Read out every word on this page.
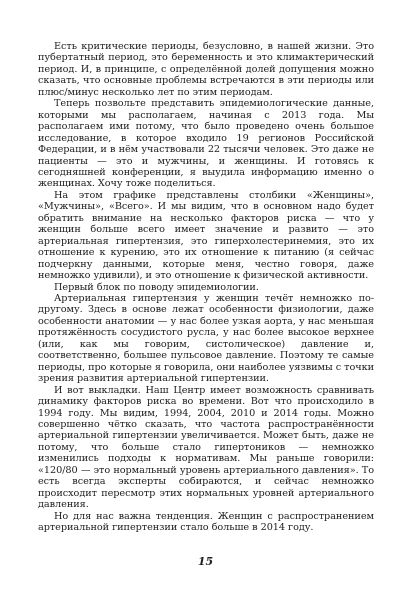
Есть критические периоды, безусловно, в нашей жизни. Это пубертатный период, это беременность и это климактерический период. И, в принципе, с определённой долей допущения можно сказать, что основные проблемы встречаются в эти периоды или плюс/минус несколько лет по этим периодам.

Теперь позвольте представить эпидемиологические данные, которыми мы располагаем, начиная с 2013 года. Мы располагаем ими потому, что было проведено очень большое исследование, в которое входило 19 регионов Российской Федерации, и в нём участвовали 22 тысячи человек. Это даже не пациенты — это и мужчины, и женщины. И готовясь к сегодняшней конференции, я выудила информацию именно о женщинах. Хочу тоже поделиться.

На этом графике представлены столбики «Женщины», «Мужчины», «Всего». И мы видим, что в основном надо будет обратить внимание на несколько факторов риска — что у женщин больше всего имеет значение и развито — это артериальная гипертензия, это гиперхолестеринемия, это их отношение к курению, это их отношение к питанию (я сейчас подчеркну данными, которые меня, честно говоря, даже немножко удивили), и это отношение к физической активности.

Первый блок по поводу эпидемиологии.

Артериальная гипертензия у женщин течёт немножко по-другому. Здесь в основе лежат особенности физиологии, даже особенности анатомии — у нас более узкая аорта, у нас меньшая протяжённость сосудистого русла, у нас более высокое верхнее (или, как мы говорим, систолическое) давление и, соответственно, большее пульсовое давление. Поэтому те самые периоды, про которые я говорила, они наиболее уязвимы с точки зрения развития артериальной гипертензии.

И вот выкладки. Наш Центр имеет возможность сравнивать динамику факторов риска во времени. Вот что происходило в 1994 году. Мы видим, 1994, 2004, 2010 и 2014 годы. Можно совершенно чётко сказать, что частота распространённости артериальной гипертензии увеличивается. Может быть, даже не потому, что больше стало гипертоников — немножко изменились подходы к нормативам. Мы раньше говорили: «120/80 — это нормальный уровень артериального давления». То есть всегда эксперты собираются, и сейчас немножко происходит пересмотр этих нормальных уровней артериального давления.

Но для нас важна тенденция. Женщин с распространением артериальной гипертензии стало больше в 2014 году.

15
